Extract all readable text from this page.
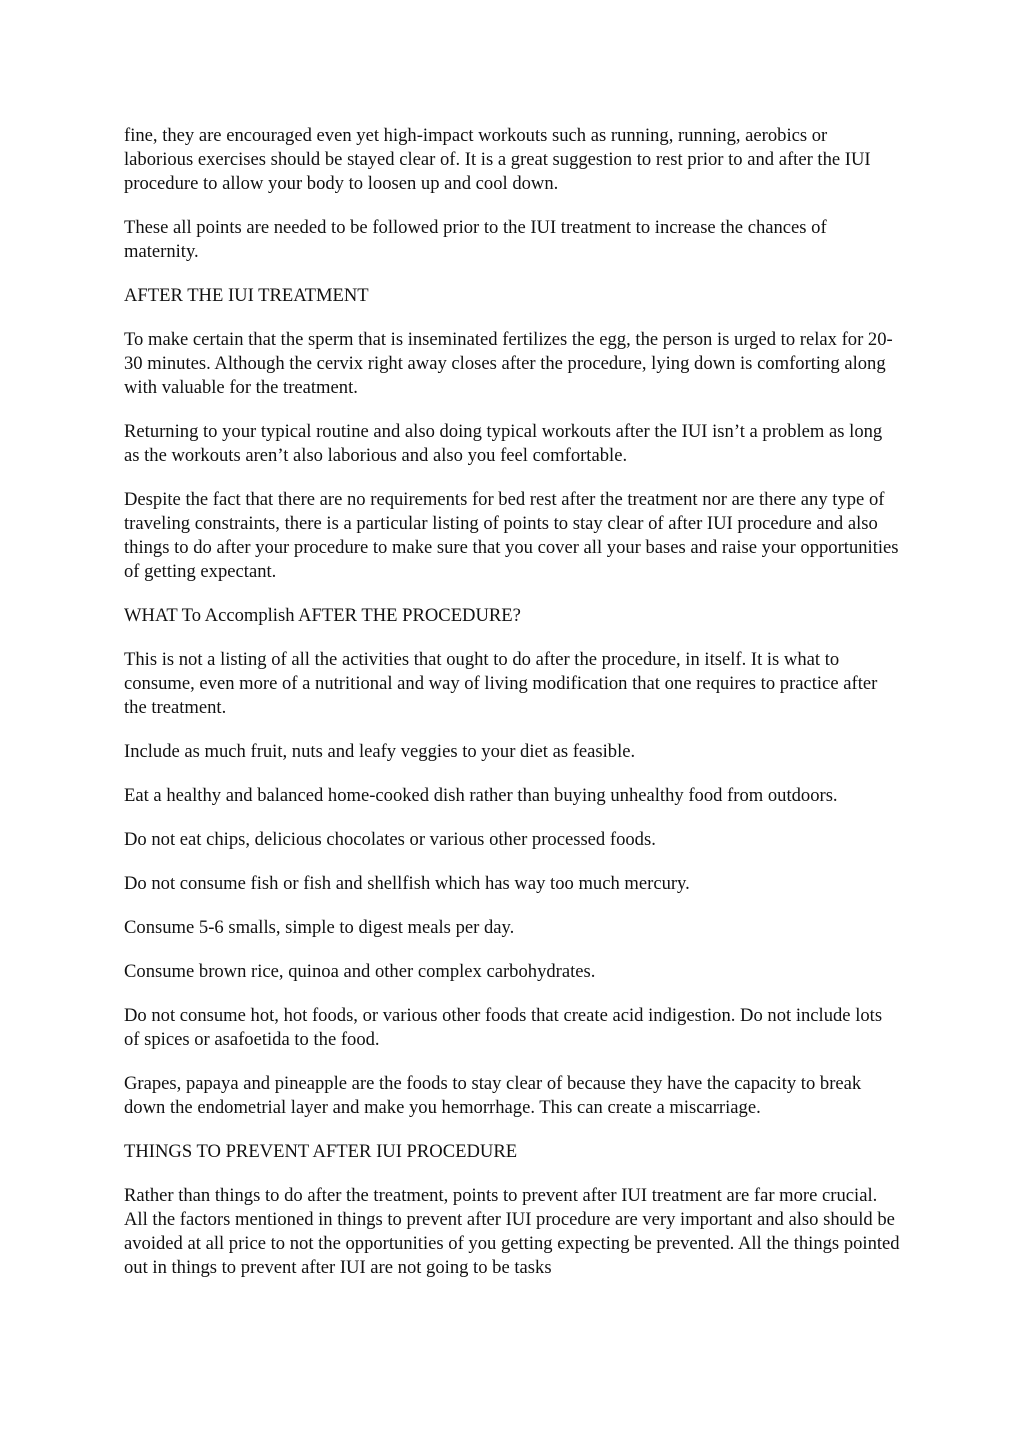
fine, they are encouraged even yet high-impact workouts such as running, running, aerobics or laborious exercises should be stayed clear of. It is a great suggestion to rest prior to and after the IUI procedure to allow your body to loosen up and cool down.

These all points are needed to be followed prior to the IUI treatment to increase the chances of maternity.

AFTER THE IUI TREATMENT

To make certain that the sperm that is inseminated fertilizes the egg, the person is urged to relax for 20-30 minutes. Although the cervix right away closes after the procedure, lying down is comforting along with valuable for the treatment.

Returning to your typical routine and also doing typical workouts after the IUI isn’t a problem as long as the workouts aren’t also laborious and also you feel comfortable.

Despite the fact that there are no requirements for bed rest after the treatment nor are there any type of traveling constraints, there is a particular listing of points to stay clear of after IUI procedure and also things to do after your procedure to make sure that you cover all your bases and raise your opportunities of getting expectant.

WHAT To Accomplish AFTER THE PROCEDURE?

This is not a listing of all the activities that ought to do after the procedure, in itself. It is what to consume, even more of a nutritional and way of living modification that one requires to practice after the treatment.

Include as much fruit, nuts and leafy veggies to your diet as feasible.

Eat a healthy and balanced home-cooked dish rather than buying unhealthy food from outdoors.

Do not eat chips, delicious chocolates or various other processed foods.

Do not consume fish or fish and shellfish which has way too much mercury.

Consume 5-6 smalls, simple to digest meals per day.

Consume brown rice, quinoa and other complex carbohydrates.

Do not consume hot, hot foods, or various other foods that create acid indigestion. Do not include lots of spices or asafoetida to the food.

Grapes, papaya and pineapple are the foods to stay clear of because they have the capacity to break down the endometrial layer and make you hemorrhage. This can create a miscarriage.

THINGS TO PREVENT AFTER IUI PROCEDURE

Rather than things to do after the treatment, points to prevent after IUI treatment are far more crucial. All the factors mentioned in things to prevent after IUI procedure are very important and also should be avoided at all price to not the opportunities of you getting expecting be prevented. All the things pointed out in things to prevent after IUI are not going to be tasks
